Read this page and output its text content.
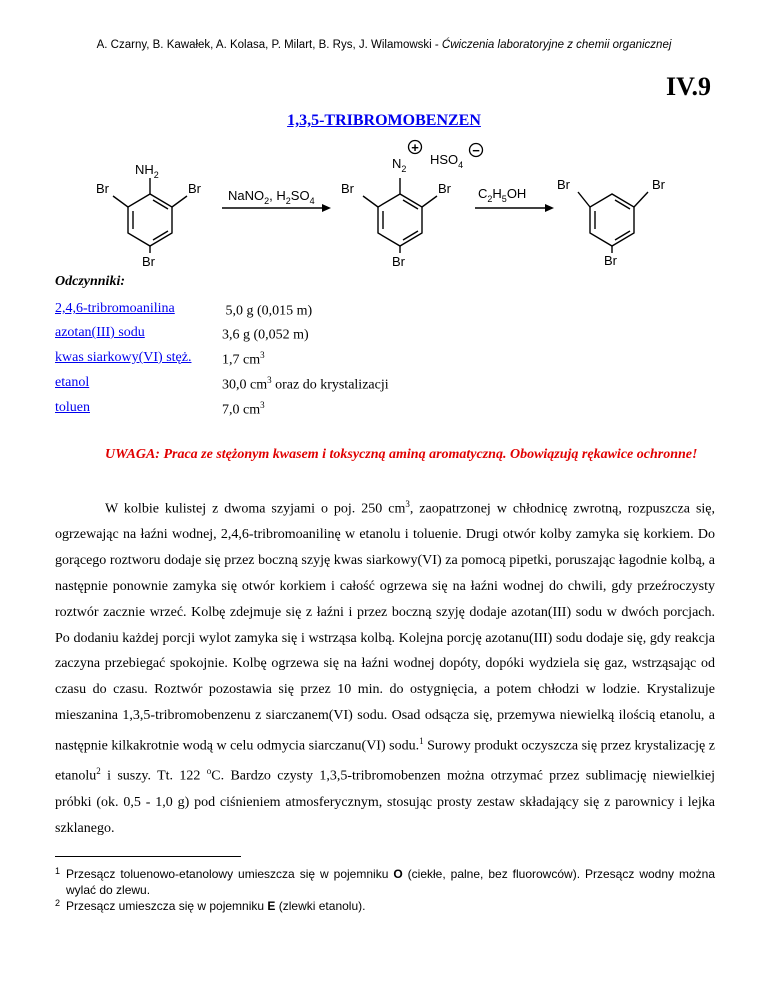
A. Czarny, B. Kawałek, A. Kolasa, P. Milart, B. Rys, J. Wilamowski - Ćwiczenia laboratoryjne z chemii organicznej
IV.9
1,3,5-TRIBROMOBENZEN
$NH_2$
Br	Br
Br
NaNO$_2$, $H_2SO_4$
$N_2$
+
$HSO_4$
−
Br	Br
Br
$C_2H_5OH$
Br	Br
Br
Odczynniki:
2,4,6-tribromoanilina	5,0 g (0,015 m)
azotan(III) sodu	3,6 g (0,052 m)
kwas siarkowy(VI) stęż. 1,7 $cm^3$
etanol	30,0 $cm^3$ oraz do krystalizacji
toluen	7,0 $cm^3$
UWAGA: Praca ze stężonym kwasem i toksyczną aminą aromatyczną. Obowiązują rękawice ochronne!
W kolbie kulistej z dwoma szyjami o poj. 250 $cm^3$, zaopatrzonej w chłodnicę zwrotną, rozpuszcza się, ogrzewając na łaźni wodnej, 2,4,6-tribromoanilinę w etanolu i toluenie. Drugi otwór kolby zamyka się korkiem. Do gorącego roztworu dodaje się przez boczną szyję kwas siarkowy(VI) za pomocą pipetki, poruszając łagodnie kolbą, a następnie ponownie zamyka się otwór korkiem i całość ogrzewa się na łaźni wodnej do chwili, gdy przeźroczysty roztwór zacznie wrzeć. Kolbę zdejmuje się z łaźni i przez boczną szyję dodaje azotan(III) sodu w dwóch porcjach. Po dodaniu każdej porcji wylot zamyka się i wstrząsa kolbą. Kolejna porcję azotanu(III) sodu dodaje się, gdy reakcja zaczyna przebiegać spokojnie. Kolbę ogrzewa się na łaźni wodnej dopóty, dopóki wydziela się gaz, wstrząsając od czasu do czasu. Roztwór pozostawia się przez 10 min. do ostygnięcia, a potem chłodzi w lodzie. Krystalizuje mieszanina 1,3,5-tribromobenzenu z siarczanem(VI) sodu. Osad odsącza się, przemywa niewielką ilością etanolu, a następnie kilkakrotnie wodą w celu odmycia siarczanu(VI) sodu.$^1$ Surowy produkt oczyszcza się przez krystalizację z etanolu$^2$ i suszy. Tt. 122 $^o$C. Bardzo czysty 1,3,5-tribromobenzen można otrzymać przez sublimację niewielkiej próbki (ok. 0,5 - 1,0 g) pod ciśnieniem atmosferycznym, stosując prosty zestaw składający się z parownicy i lejka szklanego.
1 Przesącz toluenowo-etanolowy umieszcza się w pojemniku O (ciekłe, palne, bez fluorowców). Przesącz wodny można wylać do zlewu.
2 Przesącz umieszcza się w pojemniku E (zlewki etanolu).
